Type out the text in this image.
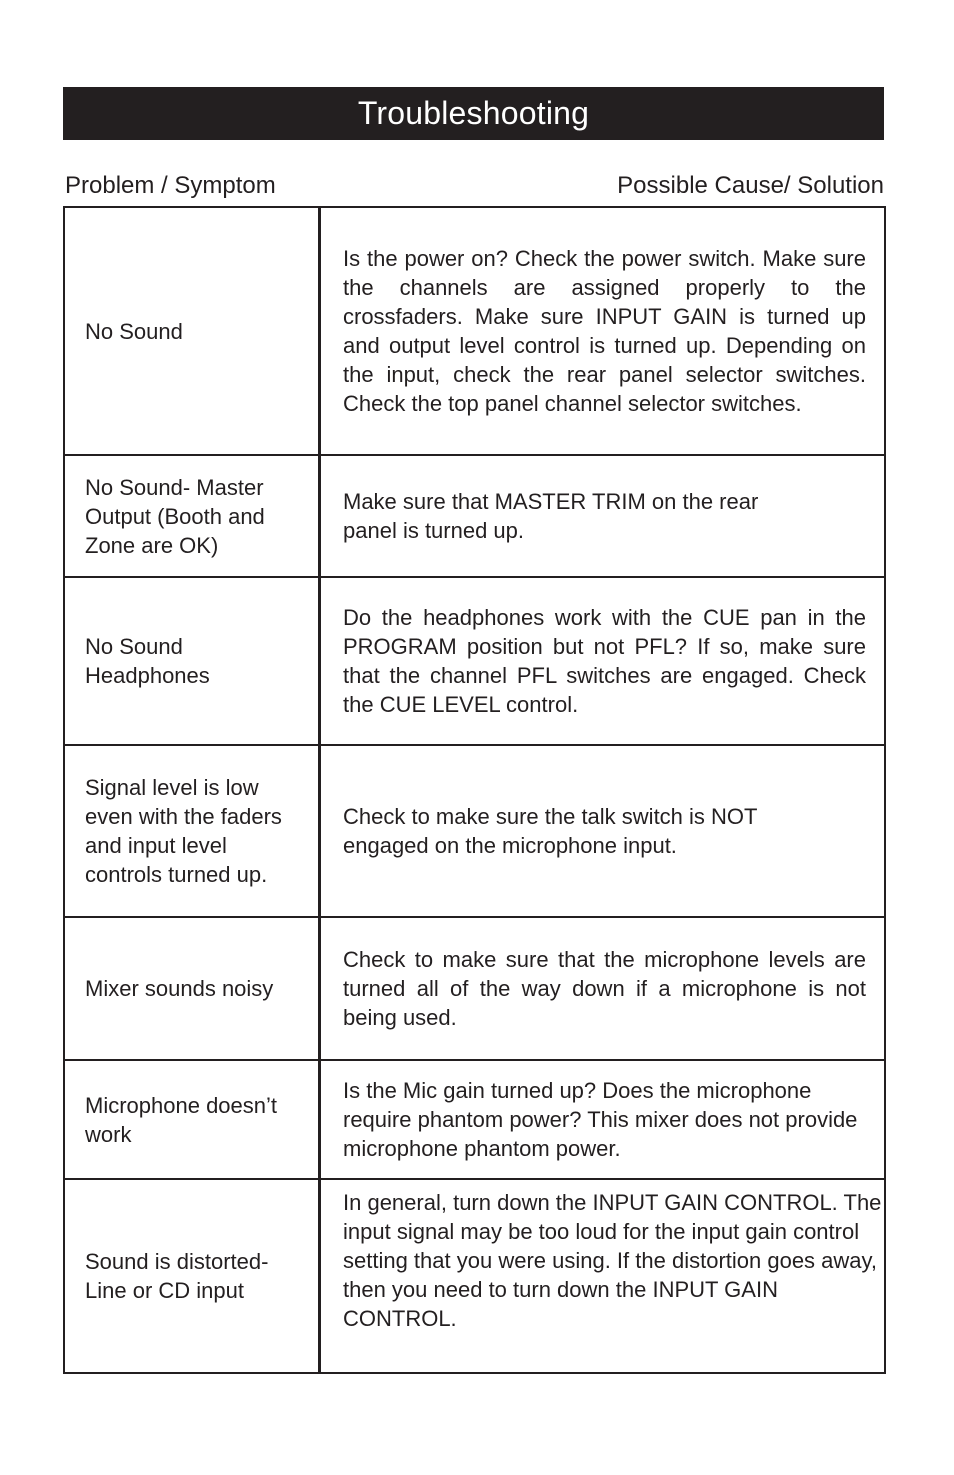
Troubleshooting
Problem / Symptom	Possible Cause/ Solution
No Sound
Is the power on? Check the power switch. Make sure the channels are assigned properly to the crossfaders. Make sure INPUT GAIN is turned up and output level control is turned up. Depending on the input, check the rear panel selector switches. Check the top panel channel selector switches.
No Sound- Master Output (Booth and Zone are OK)
Make sure that MASTER TRIM on the rear panel is turned up.
No Sound Headphones
Do the headphones work with the CUE pan in the PROGRAM position but not PFL? If so, make sure that the channel PFL switches are engaged. Check the CUE LEVEL control.
Signal level is low even with the faders and input level controls turned up.
Check to make sure the talk switch is NOT engaged on the microphone input.
Mixer sounds noisy
Check to make sure that the microphone levels are turned all of the way down if a microphone is not being used.
Microphone doesn’t work
Is the Mic gain turned up? Does the microphone require phantom power? This mixer does not provide microphone phantom power.
Sound is distorted- Line or CD input
In general, turn down the INPUT GAIN CONTROL. The input signal may be too loud for the input gain control setting that you were using. If the distortion goes away, then you need to turn down the INPUT GAIN CONTROL.
